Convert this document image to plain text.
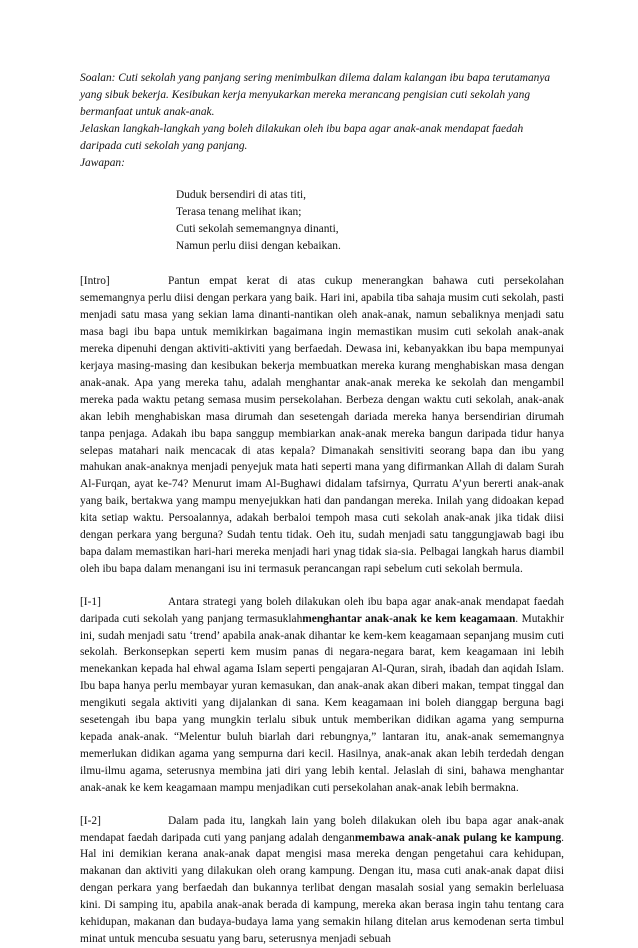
Soalan: Cuti sekolah yang panjang sering menimbulkan dilema dalam kalangan ibu bapa terutamanya yang sibuk bekerja. Kesibukan kerja menyukarkan mereka merancang pengisian cuti sekolah yang bermanfaat untuk anak-anak.

Jelaskan langkah-langkah yang boleh dilakukan oleh ibu bapa agar anak-anak mendapat faedah daripada cuti sekolah yang panjang.

Jawapan:

Duduk bersendiri di atas titi,
Terasa tenang melihat ikan;
Cuti sekolah sememangnya dinanti,
Namun perlu diisi dengan kebaikan.

[Intro]	Pantun empat kerat di atas cukup menerangkan bahawa cuti persekolahan sememangnya perlu diisi dengan perkara yang baik. Hari ini, apabila tiba sahaja musim cuti sekolah, pasti menjadi satu masa yang sekian lama dinanti-nantikan oleh anak-anak, namun sebaliknya menjadi satu masa bagi ibu bapa untuk memikirkan bagaimana ingin memastikan musim cuti sekolah anak-anak mereka dipenuhi dengan aktiviti-aktiviti yang berfaedah. Dewasa ini, kebanyakkan ibu bapa mempunyai kerjaya masing-masing dan kesibukan bekerja membuatkan mereka kurang menghabiskan masa dengan anak-anak. Apa yang mereka tahu, adalah menghantar anak-anak mereka ke sekolah dan mengambil mereka pada waktu petang semasa musim persekolahan. Berbeza dengan waktu cuti sekolah, anak-anak akan lebih menghabiskan masa dirumah dan sesetengah dariada mereka hanya bersendirian dirumah tanpa penjaga. Adakah ibu bapa sanggup membiarkan anak-anak mereka bangun daripada tidur hanya selepas matahari naik mencacak di atas kepala? Dimanakah sensitiviti seorang bapa dan ibu yang mahukan anak-anaknya menjadi penyejuk mata hati seperti mana yang difirmankan Allah di dalam Surah Al-Furqan, ayat ke-74? Menurut imam Al-Bughawi didalam tafsirnya, Qurratu A’yun bererti anak-anak yang baik, bertakwa yang mampu menyejukkan hati dan pandangan mereka. Inilah yang didoakan kepad kita setiap waktu. Persoalannya, adakah berbaloi tempoh masa cuti sekolah anak-anak jika tidak diisi dengan perkara yang berguna? Sudah tentu tidak. Oeh itu, sudah menjadi satu tanggungjawab bagi ibu bapa dalam memastikan hari-hari mereka menjadi hari ynag tidak sia-sia. Pelbagai langkah harus diambil oleh ibu bapa dalam menangani isu ini termasuk perancangan rapi sebelum cuti sekolah bermula.

[I-1]	Antara strategi yang boleh dilakukan oleh ibu bapa agar anak-anak mendapat faedah daripada cuti sekolah yang panjang termasuklahmenghantar anak-anak ke kem keagamaan. Mutakhir ini, sudah menjadi satu ‘trend’ apabila anak-anak dihantar ke kem-kem keagamaan sepanjang musim cuti sekolah. Berkonsepkan seperti kem musim panas di negara-negara barat, kem keagamaan ini lebih menekankan kepada hal ehwal agama Islam seperti pengajaran Al-Quran, sirah, ibadah dan aqidah Islam. Ibu bapa hanya perlu membayar yuran kemasukan, dan anak-anak akan diberi makan, tempat tinggal dan mengikuti segala aktiviti yang dijalankan di sana. Kem keagamaan ini boleh dianggap berguna bagi sesetengah ibu bapa yang mungkin terlalu sibuk untuk memberikan didikan agama yang sempurna kepada anak-anak. “Melentur buluh biarlah dari rebungnya,” lantaran itu, anak-anak sememangnya memerlukan didikan agama yang sempurna dari kecil. Hasilnya, anak-anak akan lebih terdedah dengan ilmu-ilmu agama, seterusnya membina jati diri yang lebih kental. Jelaslah di sini, bahawa menghantar anak-anak ke kem keagamaan mampu menjadikan cuti persekolahan anak-anak lebih bermakna.

[I-2]	Dalam pada itu, langkah lain yang boleh dilakukan oleh ibu bapa agar anak-anak mendapat faedah daripada cuti yang panjang adalah denganmembawa anak-anak pulang ke kampung. Hal ini demikian kerana anak-anak dapat mengisi masa mereka dengan pengetahui cara kehidupan, makanan dan aktiviti yang dilakukan oleh orang kampung. Dengan itu, masa cuti anak-anak dapat diisi dengan perkara yang berfaedah dan bukannya terlibat dengan masalah sosial yang semakin berleluasa kini. Di samping itu, apabila anak-anak berada di kampung, mereka akan berasa ingin tahu tentang cara kehidupan, makanan dan budaya-budaya lama yang semakin hilang ditelan arus kemodenan serta timbul minat untuk mencuba sesuatu yang baru, seterusnya menjadi sebuah
